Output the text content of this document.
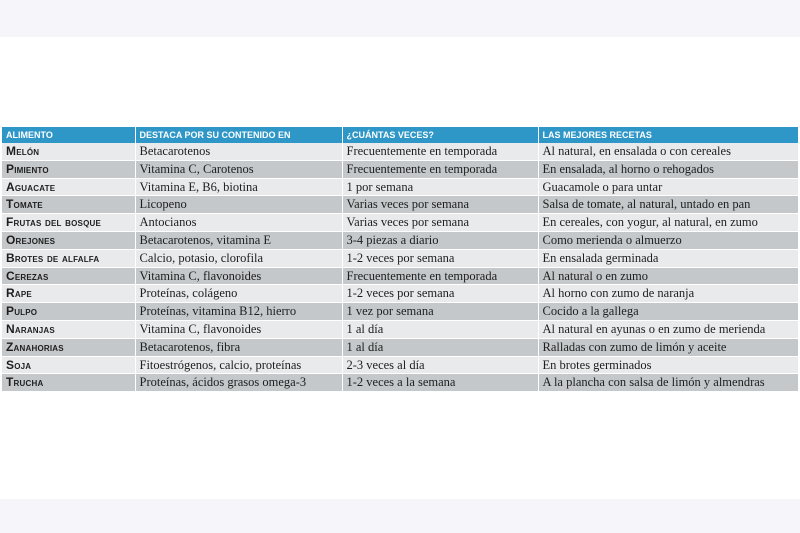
ALIMENTO	DESTACA POR SU CONTENIDO EN	¿CUÁNTAS VECES?	LAS MEJORES RECETAS
Melón	Betacarotenos	Frecuentemente en temporada	Al natural, en ensalada o con cereales
Pimiento	Vitamina C, Carotenos	Frecuentemente en temporada	En ensalada, al horno o rehogados
Aguacate	Vitamina E, B6, biotina	1 por semana	Guacamole o para untar
Tomate	Licopeno	Varias veces por semana	Salsa de tomate, al natural, untado en pan
Frutas del bosque	Antocianos	Varias veces por semana	En cereales, con yogur, al natural, en zumo
Orejones	Betacarotenos, vitamina E	3-4 piezas a diario	Como merienda o almuerzo
Brotes de alfalfa	Calcio, potasio, clorofila	1-2 veces por semana	En ensalada germinada
Cerezas	Vitamina C, flavonoides	Frecuentemente en temporada	Al natural o en zumo
Rape	Proteínas, colágeno	1-2 veces por semana	Al horno con zumo de naranja
Pulpo	Proteínas, vitamina B12, hierro	1 vez por semana	Cocido a la gallega
Naranjas	Vitamina C, flavonoides	1 al día	Al natural en ayunas o en zumo de merienda
Zanahorias	Betacarotenos, fibra	1 al día	Ralladas con zumo de limón y aceite
Soja	Fitoestrógenos, calcio, proteínas	2-3 veces al día	En brotes germinados
Trucha	Proteínas, ácidos grasos omega-3	1-2 veces a la semana	A la plancha con salsa de limón y almendras
